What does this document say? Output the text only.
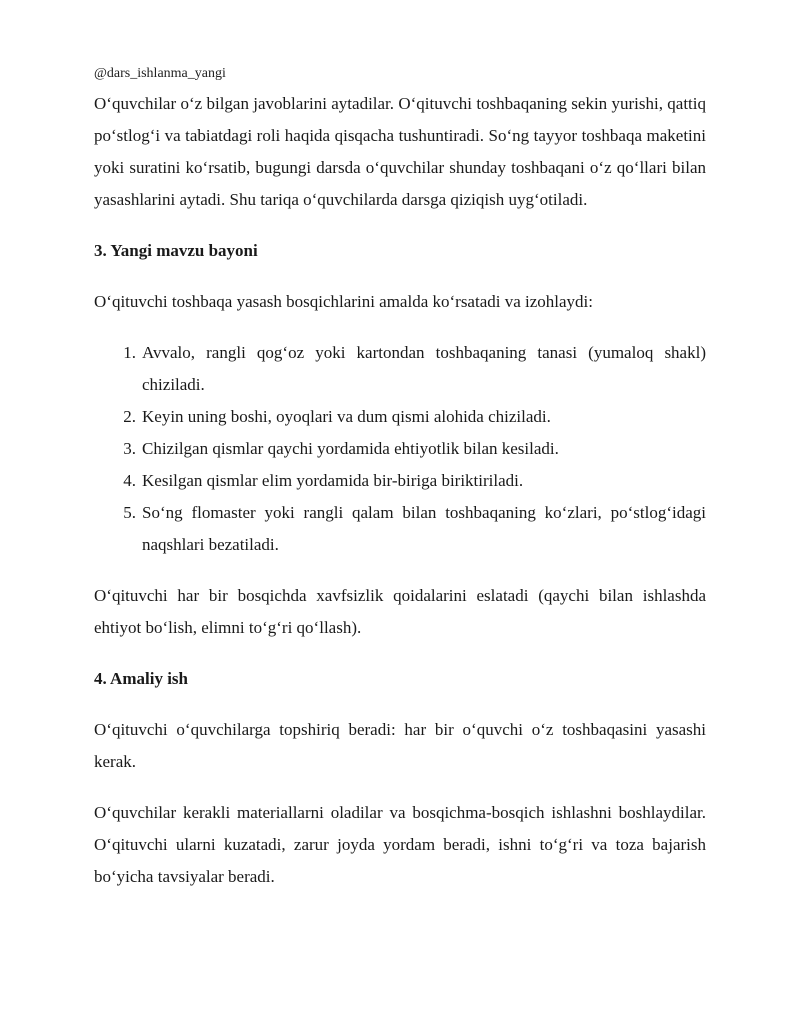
@dars_ishlanma_yangi

O‘quvchilar o‘z bilgan javoblarini aytadilar. O‘qituvchi toshbaqaning sekin yurishi, qattiq po‘stlog‘i va tabiatdagi roli haqida qisqacha tushuntiradi. So‘ng tayyor toshbaqa maketini yoki suratini ko‘rsatib, bugungi darsda o‘quvchilar shunday toshbaqani o‘z qo‘llari bilan yasashlarini aytadi. Shu tariqa o‘quvchilarda darsga qiziqish uyg‘otiladi.

3. Yangi mavzu bayoni

O‘qituvchi toshbaqa yasash bosqichlarini amalda ko‘rsatadi va izohlaydi:

1. Avvalo, rangli qog‘oz yoki kartondan toshbaqaning tanasi (yumaloq shakl) chiziladi.
2. Keyin uning boshi, oyoqlari va dum qismi alohida chiziladi.
3. Chizilgan qismlar qaychi yordamida ehtiyotlik bilan kesiladi.
4. Kesilgan qismlar elim yordamida bir-biriga biriktiriladi.
5. So‘ng flomaster yoki rangli qalam bilan toshbaqaning ko‘zlari, po‘stlog‘idagi naqshlari bezatiladi.

O‘qituvchi har bir bosqichda xavfsizlik qoidalarini eslatadi (qaychi bilan ishlashda ehtiyot bo‘lish, elimni to‘g‘ri qo‘llash).

4. Amaliy ish

O‘qituvchi o‘quvchilarga topshiriq beradi: har bir o‘quvchi o‘z toshbaqasini yasashi kerak.

O‘quvchilar kerakli materiallarni oladilar va bosqichma-bosqich ishlashni boshlaydilar. O‘qituvchi ularni kuzatadi, zarur joyda yordam beradi, ishni to‘g‘ri va toza bajarish bo‘yicha tavsiyalar beradi.
